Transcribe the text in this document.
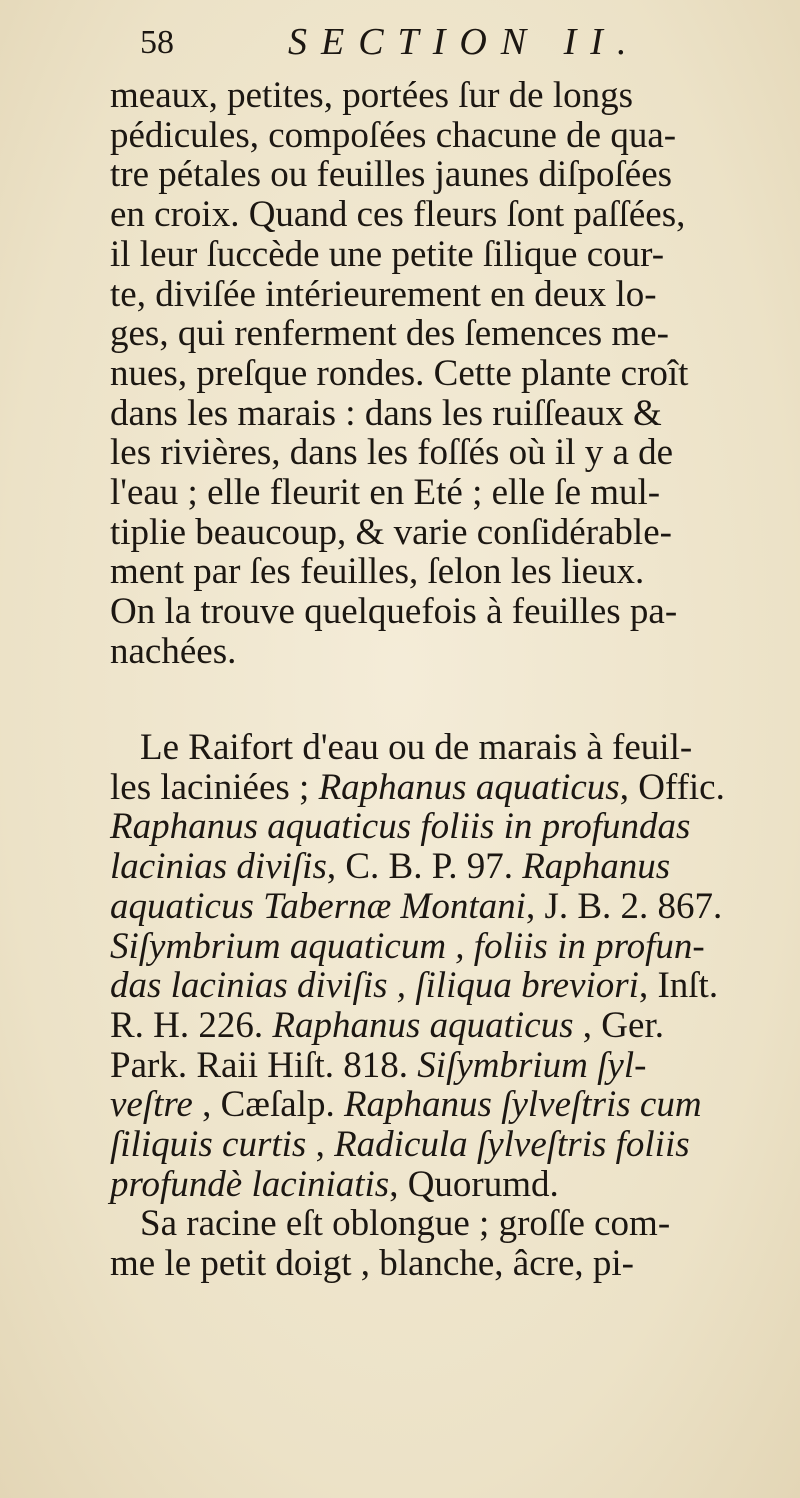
58	SECTION II.
meaux, petites, portées ſur de longs
pédicules, compoſées chacune de qua-
tre pétales ou feuilles jaunes diſpoſées
en croix. Quand ces fleurs ſont paſſées,
il leur ſuccède une petite ſilique cour-
te, diviſée intérieurement en deux lo-
ges, qui renferment des ſemences me-
nues, preſque rondes. Cette plante croît
dans les marais : dans les ruiſſeaux &
les rivières, dans les foſſés où il y a de
l'eau ; elle fleurit en Eté ; elle ſe mul-
tiplie beaucoup, & varie conſidérable-
ment par ſes feuilles, ſelon les lieux.
On la trouve quelquefois à feuilles pa-
nachées.
Le Raifort d'eau ou de marais à feuil-
les laciniées ; Raphanus aquaticus, Offic.
Raphanus aquaticus foliis in profundas
lacinias diviſis, C. B. P. 97. Raphanus
aquaticus Tabernæ Montani, J. B. 2. 867.
Siſymbrium aquaticum , foliis in profun-
das lacinias diviſis , ſiliqua breviori, Inſt.
R. H. 226. Raphanus aquaticus , Ger.
Park. Raii Hiſt. 818. Siſymbrium ſyl-
veſtre , Cæſalp. Raphanus ſylveſtris cum
ſiliquis curtis , Radicula ſylveſtris foliis
profundè laciniatis, Quorumd.
Sa racine eſt oblongue ; groſſe com-
me le petit doigt , blanche, âcre, pi-
